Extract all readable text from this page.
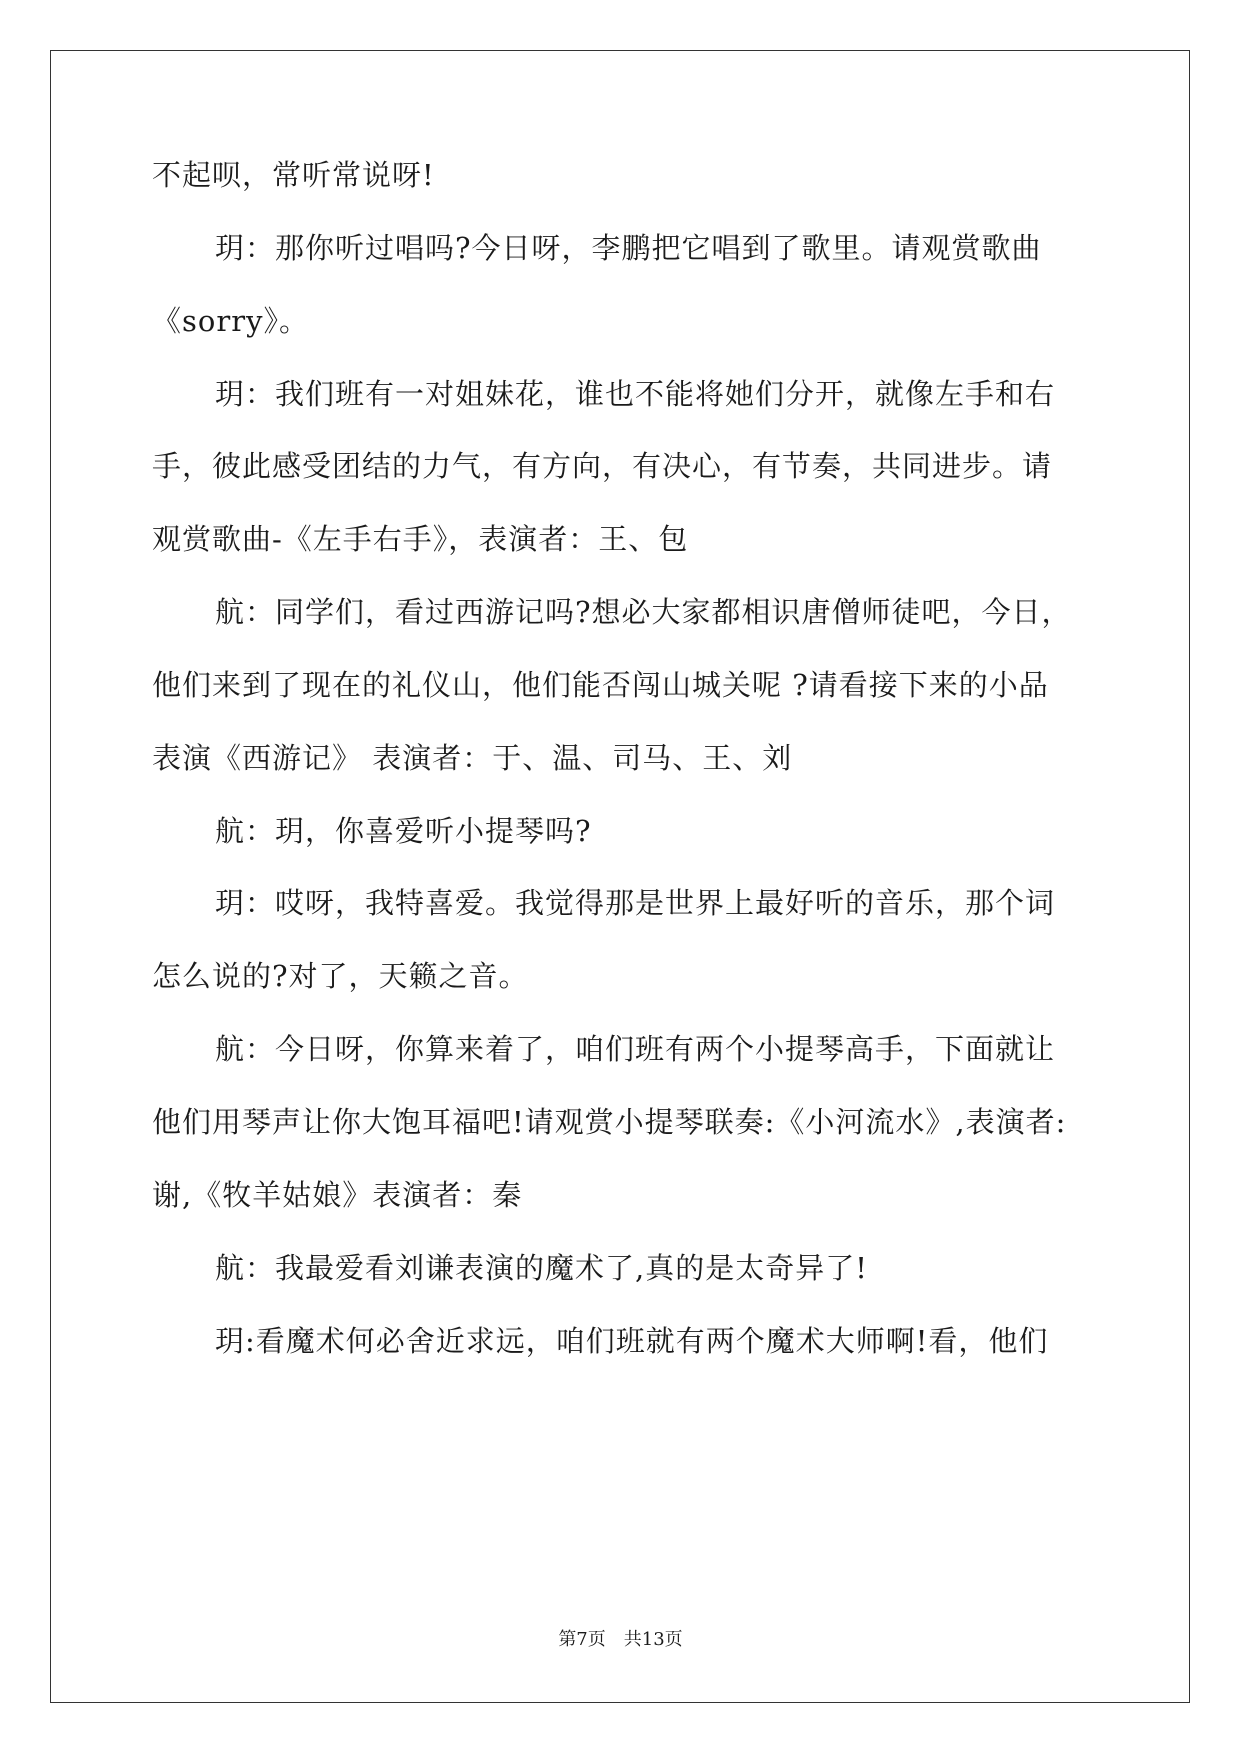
不起呗，常听常说呀!
玥：那你听过唱吗?今日呀，李鹏把它唱到了歌里。请观赏歌曲
《sorry》。
玥：我们班有一对姐妹花，谁也不能将她们分开，就像左手和右
手，彼此感受团结的力气，有方向，有决心，有节奏，共同进步。请
观赏歌曲-《左手右手》，表演者：王、包
航：同学们，看过西游记吗?想必大家都相识唐僧师徒吧，今日，
他们来到了现在的礼仪山，他们能否闯山城关呢 ?请看接下来的小品
表演《西游记》 表演者：于、温、司马、王、刘
航：玥，你喜爱听小提琴吗?
玥：哎呀，我特喜爱。我觉得那是世界上最好听的音乐，那个词
怎么说的?对了，天籁之音。
航：今日呀，你算来着了，咱们班有两个小提琴高手，下面就让
他们用琴声让你大饱耳福吧!请观赏小提琴联奏:《小河流水》,表演者:
谢,《牧羊姑娘》表演者：秦
航：我最爱看刘谦表演的魔术了,真的是太奇异了!
玥:看魔术何必舍近求远，咱们班就有两个魔术大师啊!看，他们
第7页　共13页
